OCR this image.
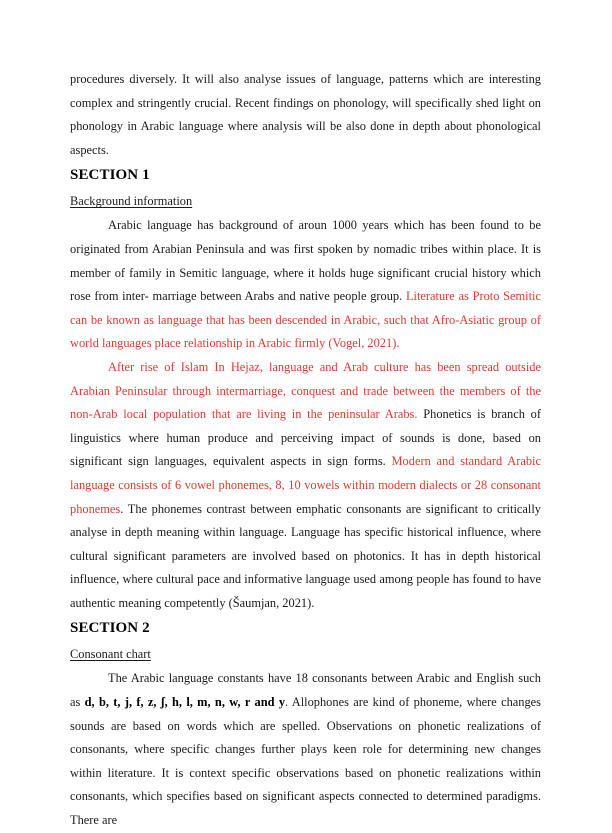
procedures diversely. It will also analyse issues of language, patterns which are interesting complex and stringently crucial. Recent findings on phonology, will specifically shed light on phonology in Arabic language where analysis will be also done in depth about phonological aspects.

SECTION 1
Background information

Arabic language has background of aroun 1000 years which has been found to be originated from Arabian Peninsula and was first spoken by nomadic tribes within place. It is member of family in Semitic language, where it holds huge significant crucial history which rose from inter- marriage between Arabs and native people group. Literature as Proto Semitic can be known as language that has been descended in Arabic, such that Afro-Asiatic group of world languages place relationship in Arabic firmly (Vogel, 2021).

After rise of Islam In Hejaz, language and Arab culture has been spread outside Arabian Peninsular through intermarriage, conquest and trade between the members of the non-Arab local population that are living in the peninsular Arabs. Phonetics is branch of linguistics where human produce and perceiving impact of sounds is done, based on significant sign languages, equivalent aspects in sign forms. Modern and standard Arabic language consists of 6 vowel phonemes, 8, 10 vowels within modern dialects or 28 consonant phonemes. The phonemes contrast between emphatic consonants are significant to critically analyse in depth meaning within language. Language has specific historical influence, where cultural significant parameters are involved based on photonics. It has in depth historical influence, where cultural pace and informative language used among people has found to have authentic meaning competently (Šaumjan, 2021).

SECTION 2
Consonant chart

The Arabic language constants have 18 consonants between Arabic and English such as d, b, t, j, f, z, ʃ, h, l, m, n, w, r and y. Allophones are kind of phoneme, where changes sounds are based on words which are spelled. Observations on phonetic realizations of consonants, where specific changes further plays keen role for determining new changes within literature. It is context specific observations based on phonetic realizations within consonants, which specifies based on significant aspects connected to determined paradigms. There are
